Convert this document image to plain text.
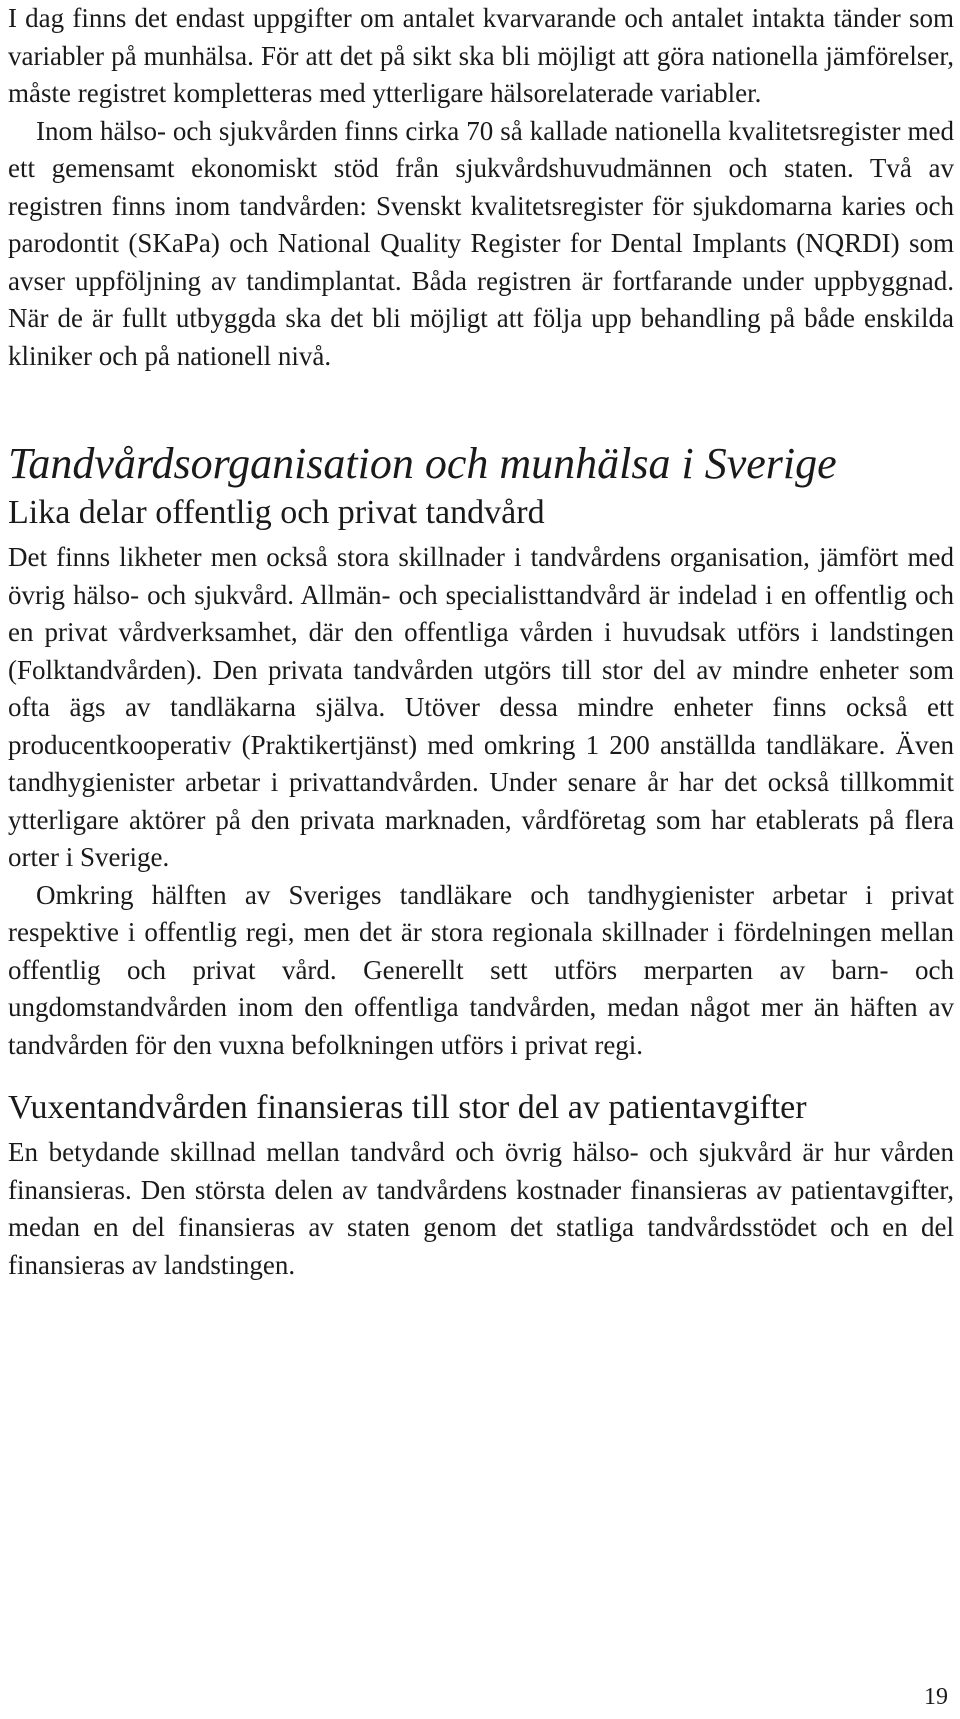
I dag finns det endast uppgifter om antalet kvarvarande och antalet intakta tänder som variabler på munhälsa. För att det på sikt ska bli möjligt att göra nationella jämförelser, måste registret kompletteras med ytterligare hälsorelaterade variabler.

Inom hälso- och sjukvården finns cirka 70 så kallade nationella kvalitetsregister med ett gemensamt ekonomiskt stöd från sjukvårdshuvudmännen och staten. Två av registren finns inom tandvården: Svenskt kvalitetsregister för sjukdomarna karies och parodontit (SKaPa) och National Quality Register for Dental Implants (NQRDI) som avser uppföljning av tandimplantat. Båda registren är fortfarande under uppbyggnad. När de är fullt utbyggda ska det bli möjligt att följa upp behandling på både enskilda kliniker och på nationell nivå.

Tandvårdsorganisation och munhälsa i Sverige
Lika delar offentlig och privat tandvård

Det finns likheter men också stora skillnader i tandvårdens organisation, jämfört med övrig hälso- och sjukvård. Allmän- och specialisttandvård är indelad i en offentlig och en privat vårdverksamhet, där den offentliga vården i huvudsak utförs i landstingen (Folktandvården). Den privata tandvården utgörs till stor del av mindre enheter som ofta ägs av tandläkarna själva. Utöver dessa mindre enheter finns också ett producentkooperativ (Praktikertjänst) med omkring 1 200 anställda tandläkare. Även tandhygienister arbetar i privattandvården. Under senare år har det också tillkommit ytterligare aktörer på den privata marknaden, vårdföretag som har etablerats på flera orter i Sverige.

Omkring hälften av Sveriges tandläkare och tandhygienister arbetar i privat respektive i offentlig regi, men det är stora regionala skillnader i fördelningen mellan offentlig och privat vård. Generellt sett utförs merparten av barn- och ungdomstandvården inom den offentliga tandvården, medan något mer än häften av tandvården för den vuxna befolkningen utförs i privat regi.

Vuxentandvården finansieras till stor del av patientavgifter

En betydande skillnad mellan tandvård och övrig hälso- och sjukvård är hur vården finansieras. Den största delen av tandvårdens kostnader finansieras av patientavgifter, medan en del finansieras av staten genom det statliga tandvårdsstödet och en del finansieras av landstingen.

19
